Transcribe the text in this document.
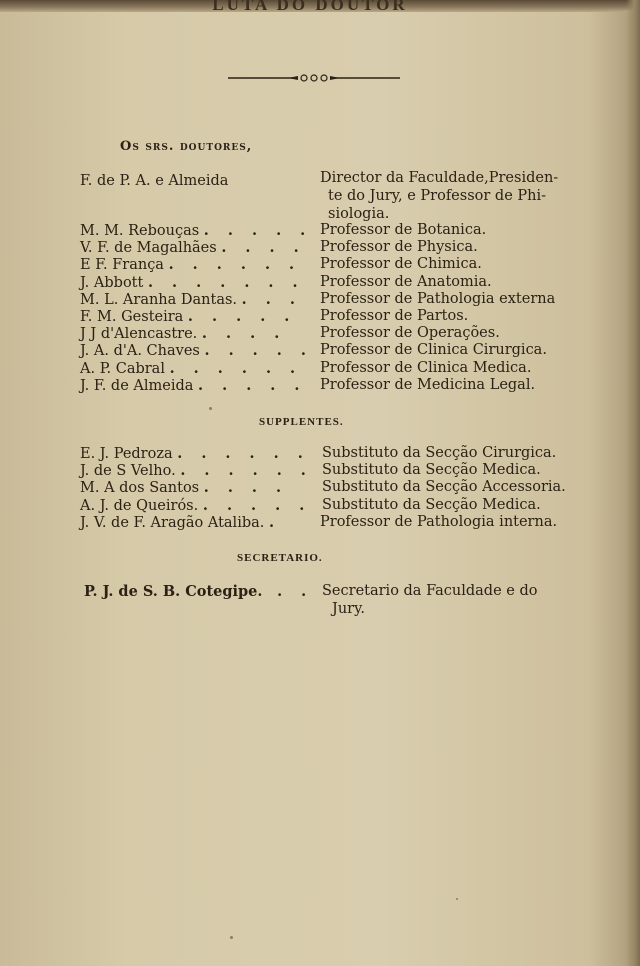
LUTA DO DOUTOR
Os srs. doutores,
F. de P. A. e Almeida	Director da Faculdade,Presiden-
te do Jury, e Professor de Phi-
siologia.
M. M. Rebouças . . . . .
V. F. de Magalhães . . . .
E F. França . . . . . .
J. Abbott . . . . . . .
M. L. Aranha Dantas. . . .
F. M. Gesteira . . . . .
J J d'Alencastre. . . . .
J. A. d'A. Chaves . . . . .
A. P. Cabral . . . . . .
J. F. de Almeida . . . . .
Professor de Botanica.
Professor de Physica.
Professor de Chimica.
Professor de Anatomia.
Professor de Pathologia externa
Professor de Partos.
Professor de Operações.
Professor de Clinica Cirurgica.
Professor de Clinica Medica.
Professor de Medicina Legal.
SUPPLENTES.
E. J. Pedroza . . . . . .
J. de S Velho. . . . . . .
M. A dos Santos . . . .
A. J. de Queirós. . . . . .
J. V. de F. Aragão Ataliba. .
Substituto da Secção Cirurgica.
Substituto da Secção Medica.
Substituto da Secção Accessoria.
Substituto da Secção Medica.
Professor de Pathologia interna.
SECRETARIO.
P. J. de S. B. Cotegipe. . . Secretario da Faculdade e do
Jury.
